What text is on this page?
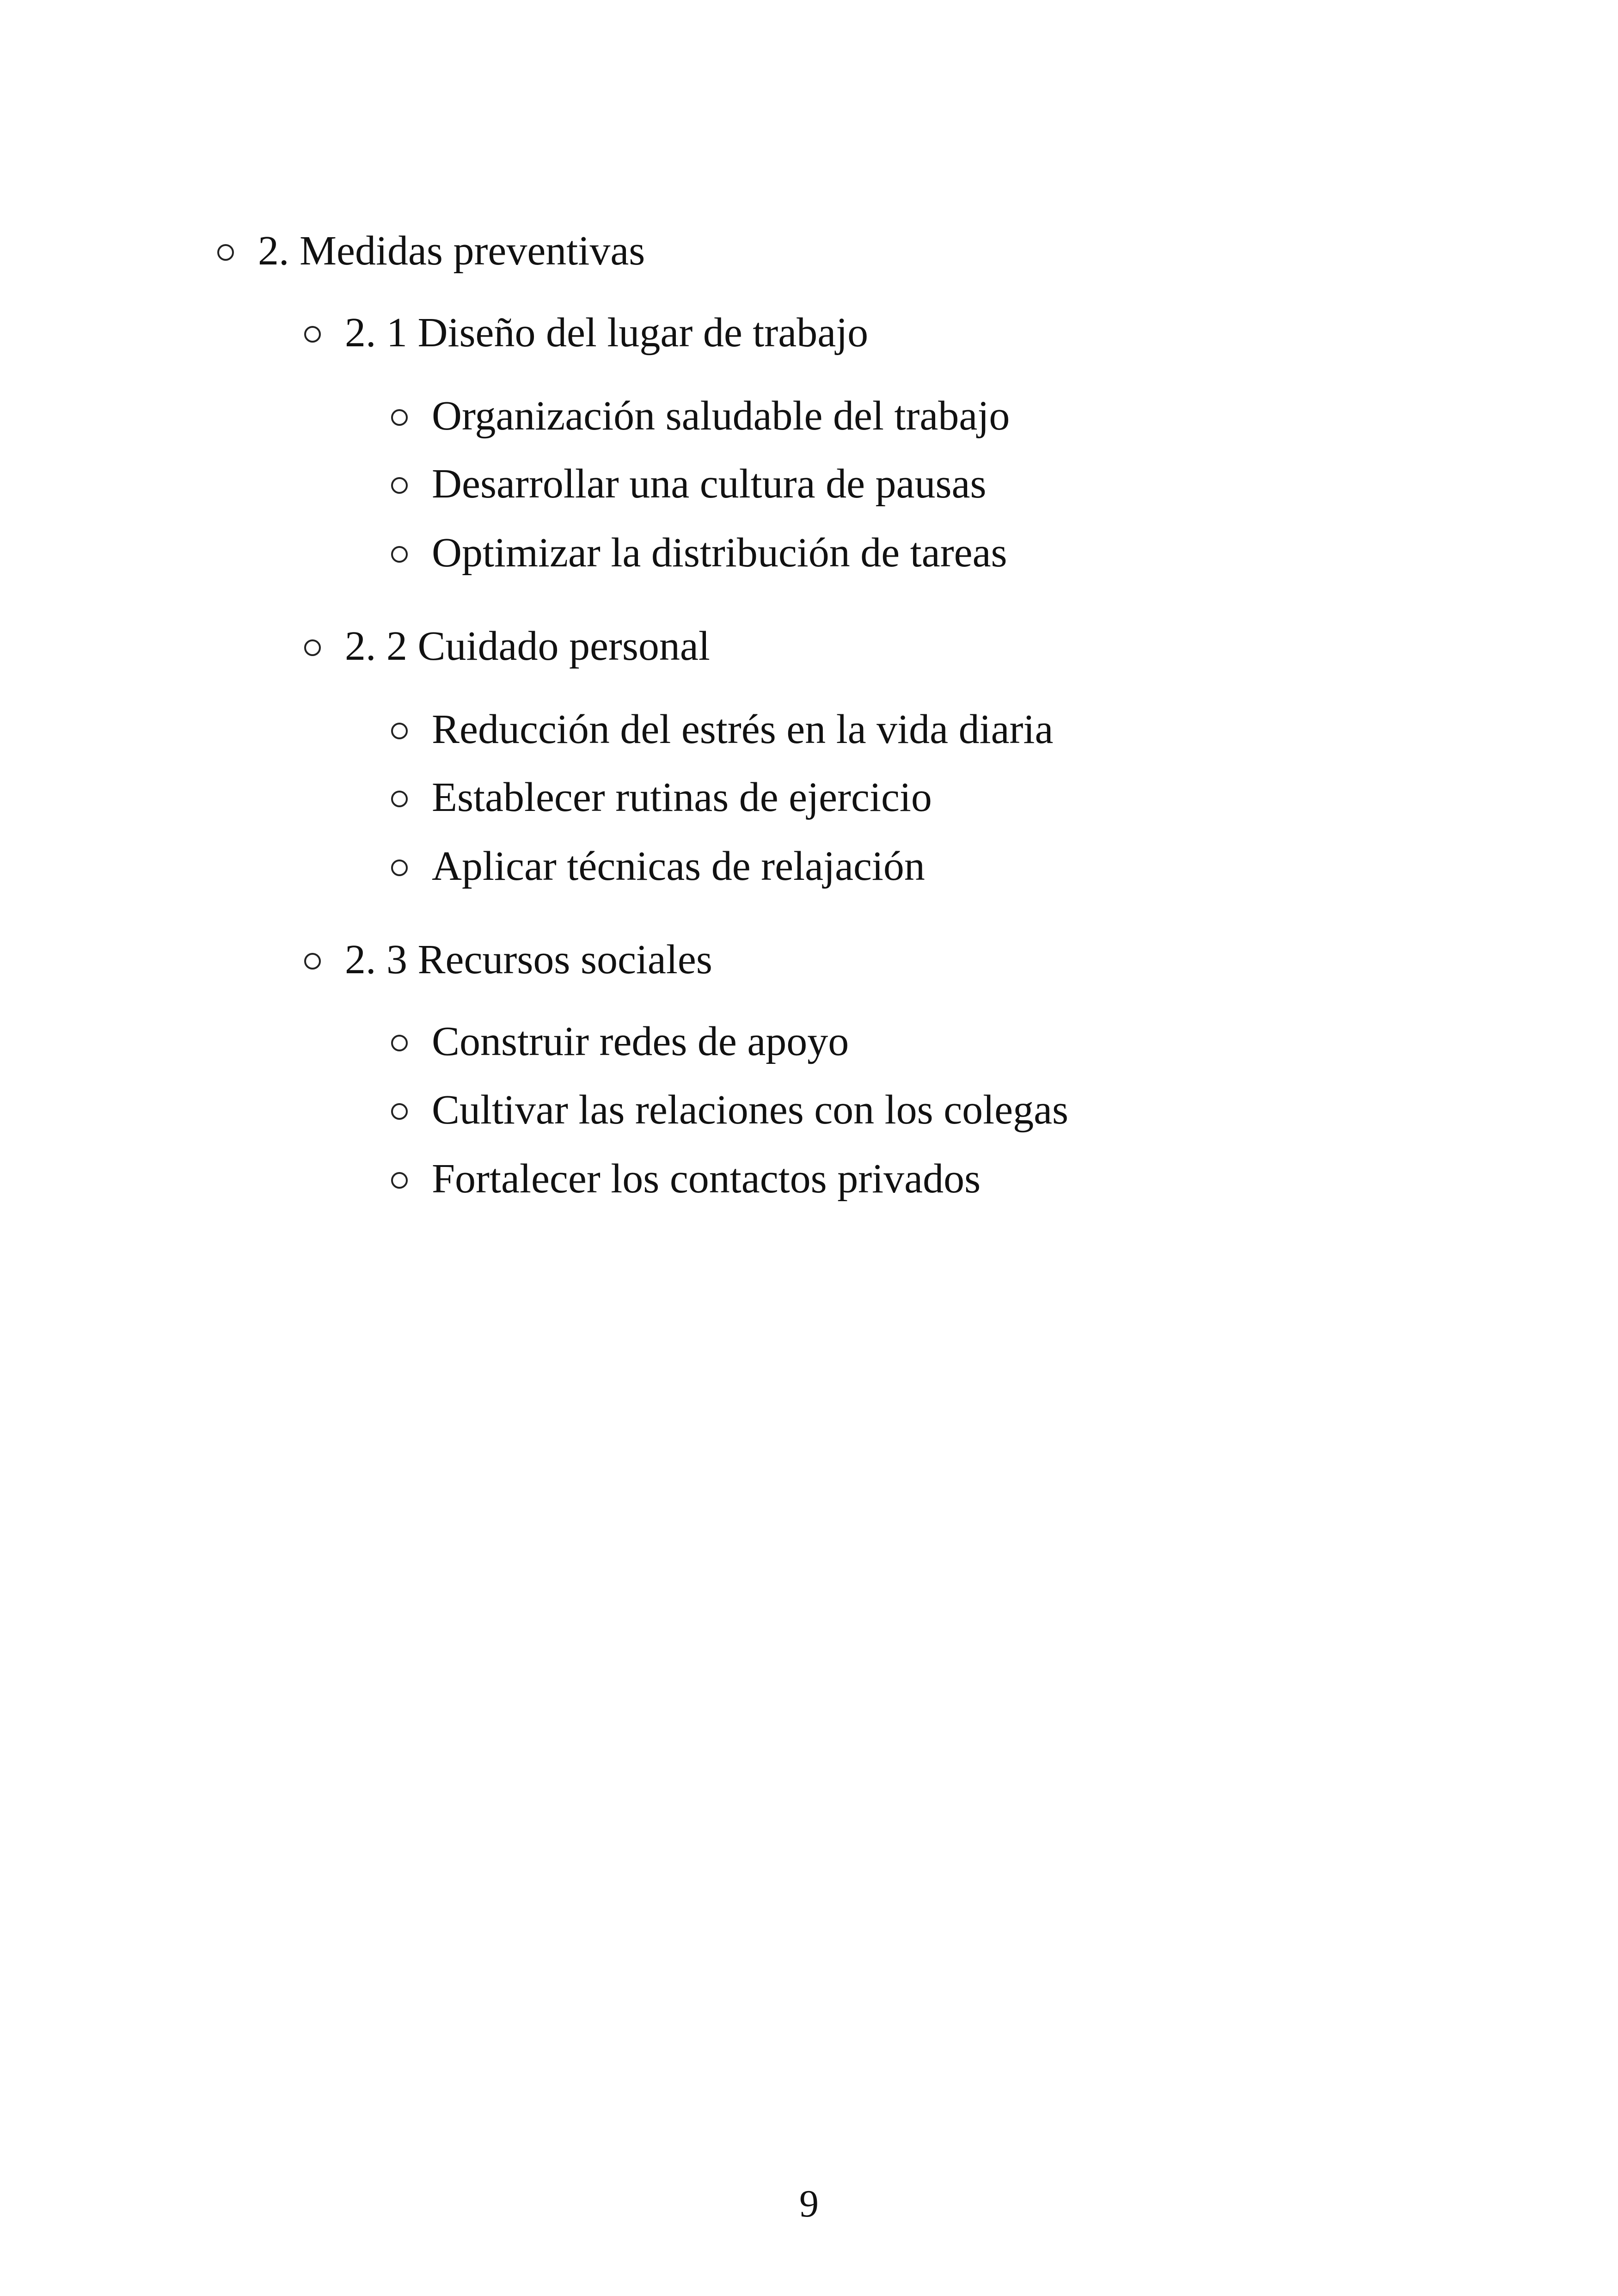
2. Medidas preventivas
2. 1 Diseño del lugar de trabajo
Organización saludable del trabajo
Desarrollar una cultura de pausas
Optimizar la distribución de tareas
2. 2 Cuidado personal
Reducción del estrés en la vida diaria
Establecer rutinas de ejercicio
Aplicar técnicas de relajación
2. 3 Recursos sociales
Construir redes de apoyo
Cultivar las relaciones con los colegas
Fortalecer los contactos privados
9
